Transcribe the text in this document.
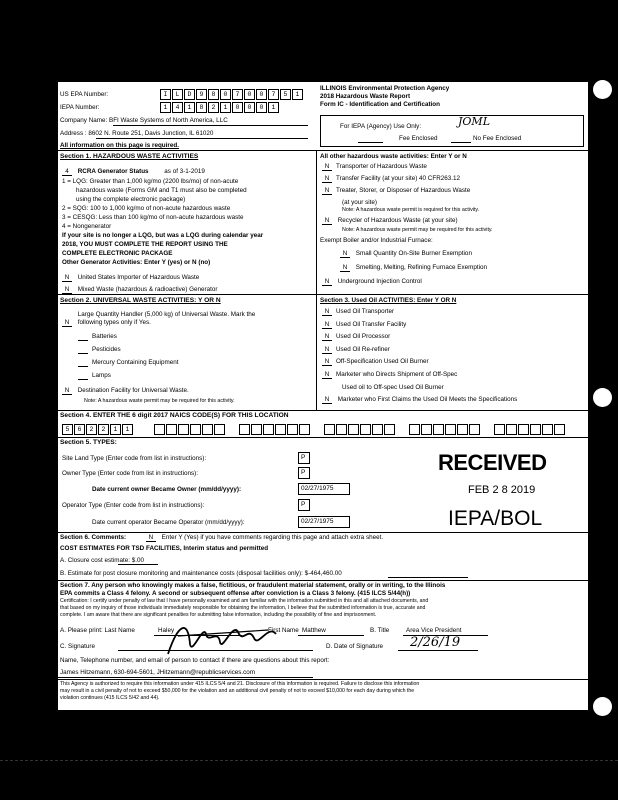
US EPA Number:	I	L	D	9	8	0	7	0	0	7	5	1
IEPA Number:	1	4	1	8	2	1	0	0	0	1
Company Name: BFI Waste Systems of North America, LLC
Address : 8602 N. Route 251, Davis Junction, IL 61020
All information on this page is required.
ILLINOIS Environmental Protection Agency
2018 Hazardous Waste Report
Form IC - Identification and Certification
For IEPA (Agency) Use Only:	JOML
Fee Enclosed	No Fee Enclosed
Section 1. HAZARDOUS WASTE ACTIVITIES
4 RCRA Generator Status	as of 3-1-2019
1 = LQG: Greater than 1,000 kg/mo (2200 lbs/mo) of non-acute
hazardous waste (Forms GM and T1 must also be completed
using the complete electronic package)
2 = SQG: 100 to 1,000 kg/mo of non-acute hazardous waste
3 = CESQG: Less than 100 kg/mo of non-acute hazardous waste
4 = Nongenerator
If your site is no longer a LQG, but was a LQG during calendar year
2018, YOU MUST COMPLETE THE REPORT USING THE
COMPLETE ELECTRONIC PACKAGE
Other Generator Activities: Enter Y (yes) or N (no)
N United States Importer of Hazardous Waste
N Mixed Waste (hazardous & radioactive) Generator
All other hazardous waste activities: Enter Y or N
N Transporter of Hazardous Waste
N Transfer Facility (at your site) 40 CFR263.12
N Treater, Storer, or Disposer of Hazardous Waste
(at your site)
Note: A hazardous waste permit is required for this activity.
N Recycler of Hazardous Waste (at your site)
Note: A hazardous waste permit may be required for this activity.
Exempt Boiler and/or Industrial Furnace:
N Small Quantity On-Site Burner Exemption
N Smelting, Melting, Refining Furnace Exemption
N Underground Injection Control
Section 2. UNIVERSAL WASTE ACTIVITIES: Y OR N
Large Quantity Handler (5,000 kg) of Universal Waste. Mark the
N following types only if Yes.
Batteries
Pesticides
Mercury Containing Equipment
Lamps
N Destination Facility for Universal Waste.
Note: A hazardous waste permit may be required for this activity.
Section 3. Used Oil ACTIVITIES: Enter Y OR N
N Used Oil Transporter
N Used Oil Transfer Facility
N Used Oil Processor
N Used Oil Re-refiner
N Off-Specification Used Oil Burner
N Marketer who Directs Shipment of Off-Spec
Used oil to Off-spec Used Oil Burner
N Marketer who First Claims the Used Oil Meets the Specifications
Section 4. ENTER THE 6 digit 2017 NAICS CODE(S) FOR THIS LOCATION
5	6	2	2	1	1
Section 5. TYPES:
Site Land Type (Enter code from list in instructions):	P
Owner Type (Enter code from list in instructions):	P
Date current owner Became Owner (mm/dd/yyyy):	02/27/1975
Operator Type (Enter code from list in instructions):	P
Date current operator Became Operator (mm/dd/yyyy):	02/27/1975
RECEIVED
FEB 2 8 2019
IEPA/BOL
Section 6. Comments:	N Enter Y (Yes) if you have comments regarding this page and attach extra sheet.
COST ESTIMATES FOR TSD FACILITIES, Interim status and permitted
A. Closure cost estimate: $.00
B. Estimate for post closure monitoring and maintenance costs (disposal facilities only): $-464,460.00
Section 7. Any person who knowingly makes a false, fictitious, or fraudulent material statement, orally or in writing, to the Illinois
EPA commits a Class 4 felony. A second or subsequent offense after conviction is a Class 3 felony. (415 ILCS 5/44(h))
Certification: I certify under penalty of law that I have personally examined and am familiar with the information submitted in this and all attached documents, and
that based on my inquiry of those individuals immediately responsible for obtaining the information, I believe that the submitted information is true, accurate and
complete. I am aware that there are significant penalties for submitting false information, including the possibility of fine and imprisonment.
A. Please print: Last Name	Haley	First Name Matthew	B. Title	Area Vice President
C. Signature	D. Date of Signature 2/26/19
Name, Telephone number, and email of person to contact if there are questions about this report:
James Hitzemann, 630-694-5601, JHitzemann@republicservices.com
This Agency is authorized to require this information under 415 ILCS 5/4 and 21. Disclosure of this information is required. Failure to disclose this information
may result in a civil penalty of not to exceed $50,000 for the violation and an additional civil penalty of not to exceed $10,000 for each day during which the
violation continues (415 ILCS 5/42 and 44).
